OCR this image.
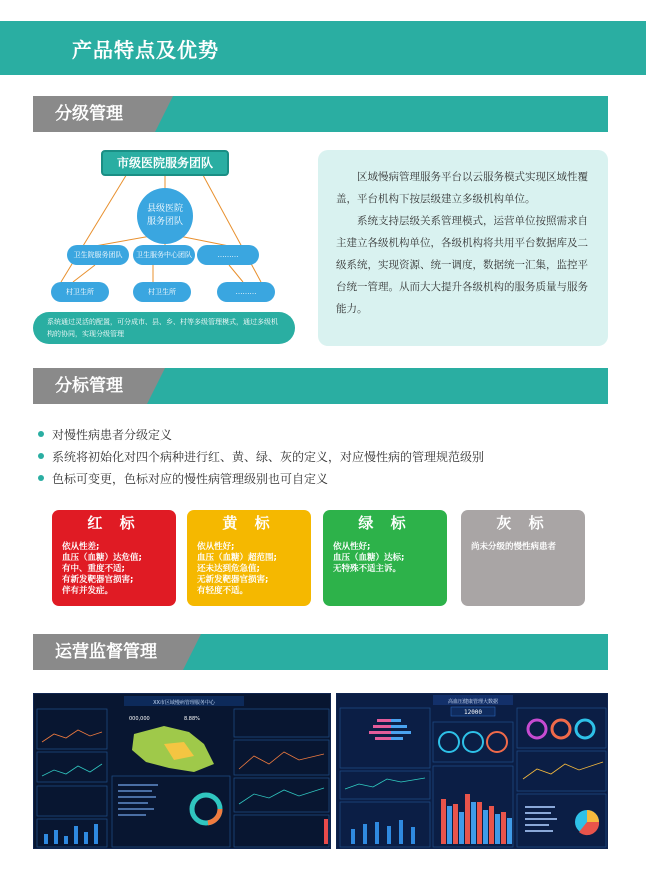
产品特点及优势
分级管理
市级医院服务团队
县级医院
服务团队
卫生院服务团队	卫生服务中心团队	………
村卫生所	村卫生所	………
系统通过灵活的配置，可分成市、县、乡、村等多级管理模式，通过多级机构的协同，实现分级管理

区域慢病管理服务平台以云服务模式实现区域性覆盖，平台机构下按层级建立多级机构单位。

系统支持层级关系管理模式，运营单位按照需求自主建立各级机构单位，各级机构将共用平台数据库及二级系统，实现资源、统一调度，数据统一汇集，监控平台统一管理。从而大大提升各级机构的服务质量与服务能力。

分标管理
对慢性病患者分级定义
系统将初始化对四个病种进行红、黄、绿、灰的定义，对应慢性病的管理规范级别
色标可变更，色标对应的慢性病管理级别也可自定义
红 标
依从性差;
血压（血糖）达危值;
有中、重度不适;
有新发靶器官损害;
伴有并发症。
黄 标
依从性好;
血压（血糖）超范围;
还未达到危急值;
无新发靶器官损害;
有轻度不适。
绿 标
依从性好;
血压（血糖）达标;
无特殊不适主诉。
灰 标
尚未分级的慢性病患者
运营监督管理
XX市区域慢病管理服务中心
000,000	8.88%
高血压健康管理大数据
12000
